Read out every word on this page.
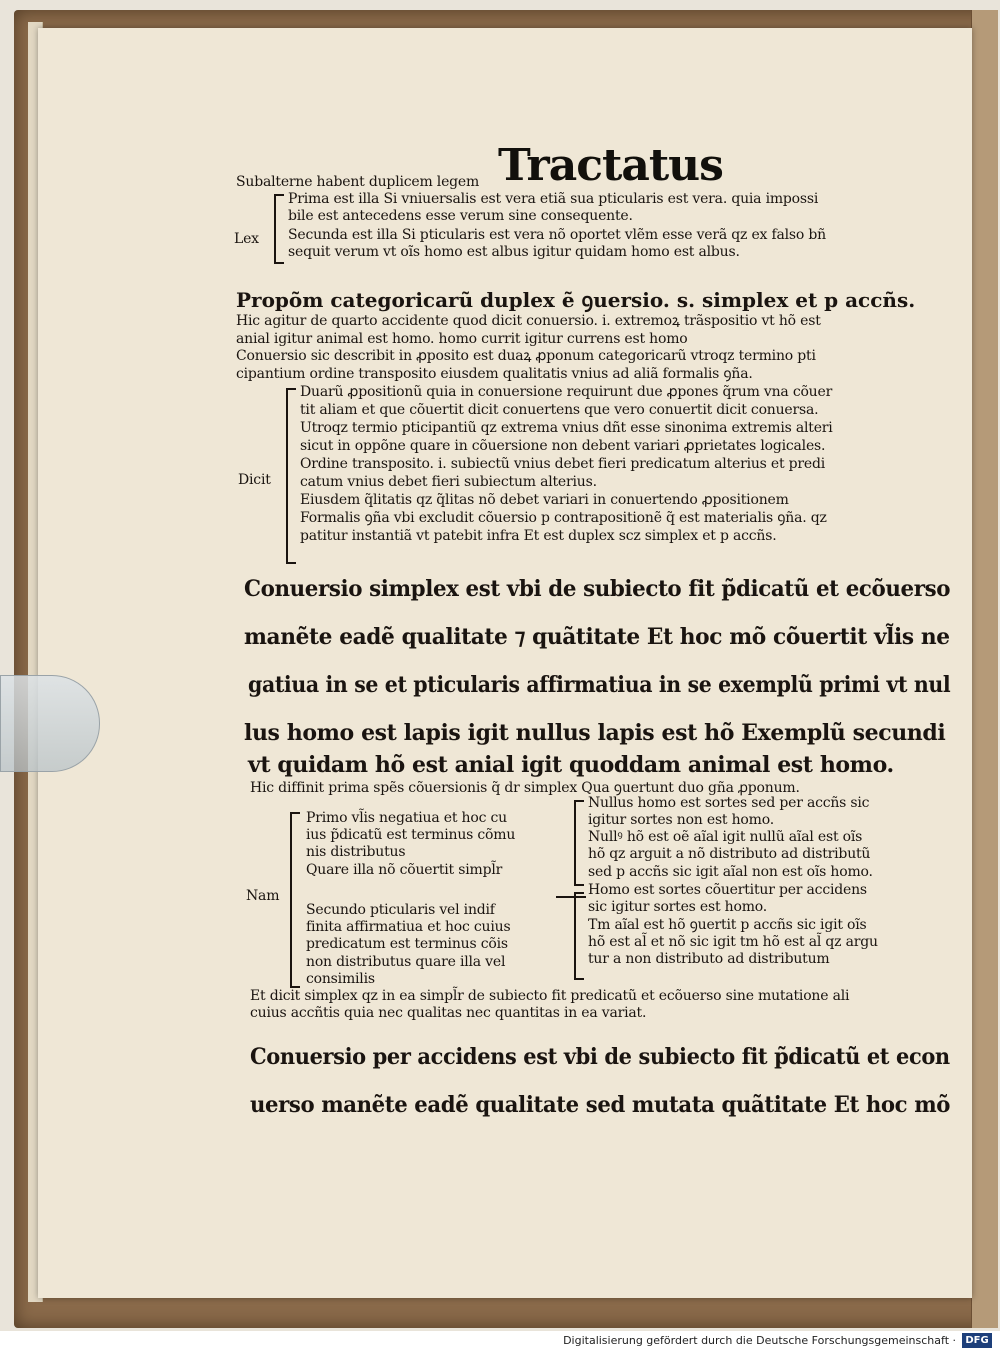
Tractatus
Subalterne habent duplicem legem
Lex
Prima est illa Si vniuersalis est vera etiã sua pticularis est vera. quia impossi
bile est antecedens esse verum sine consequente.
Secunda est illa Si pticularis est vera nõ oportet vlẽm esse verã qz ex falso bñ
sequit verum vt oĩs homo est albus igitur quidam homo est albus.
Propõm categoricarũ duplex ẽ ꝯuersio. s. simplex et p accñs.
Hic agitur de quarto accidente quod dicit conuersio. i. extremoꝝ trãspositio vt hõ est
anial igitur animal est homo. homo currit igitur currens est homo
Conuersio sic describit in ꝓposito est duaꝝ ꝓponum categoricarũ vtroqz termino pti
cipantium ordine transposito eiusdem qualitatis vnius ad aliã formalis ꝯña.
Dicit
Duarũ ꝓpositionũ quia in conuersione requirunt due ꝓpones q̃rum vna cõuer
tit aliam et que cõuertit dicit conuertens que vero conuertit dicit conuersa.
Utroqz termio pticipantiũ qz extrema vnius dñt esse sinonima extremis alteri
sicut in oppõne quare in cõuersione non debent variari ꝓprietates logicales.
Ordine transposito. i. subiectũ vnius debet fieri predicatum alterius et predi
catum vnius debet fieri subiectum alterius.
Eiusdem q̃litatis qz q̃litas nõ debet variari in conuertendo ꝓpositionem
Formalis ꝯña vbi excludit cõuersio p contrapositionẽ q̃ est materialis ꝯña. qz
patitur instantiã vt patebit infra Et est duplex scz simplex et p accñs.
Conuersio simplex est vbi de subiecto fit p̃dicatũ et ecõuerso
manẽte eadẽ qualitate ⁊ quãtitate Et hoc mõ cõuertit vl̃is ne
gatiua in se et pticularis affirmatiua in se exemplũ primi vt nul
lus homo est lapis igit nullus lapis est hõ Exemplũ secundi
vt quidam hõ est anial igit quoddam animal est homo.
Hic diffinit prima spẽs cõuersionis q̃ dr simplex Qua ꝯuertunt duo gña ꝓponum.
Nam
Primo vl̃is negatiua et hoc cu
ius p̃dicatũ est terminus cõmu
nis distributus
Quare illa nõ cõuertit simpl̃r
Secundo pticularis vel indif
finita affirmatiua et hoc cuius
predicatum est terminus cõis
non distributus quare illa vel
consimilis
Nullus homo est sortes sed per accñs sic
igitur sortes non est homo.
Nullꝰ hõ est oẽ aĩal igit nullũ aĩal est oĩs
hõ qz arguit a nõ distributo ad distributũ
sed p accñs sic igit aĩal non est oĩs homo.
Homo est sortes cõuertitur per accidens
sic igitur sortes est homo.
Tm aĩal est hõ ꝯuertit p accñs sic igit oĩs
hõ est al̃ et nõ sic igit tm hõ est al̃ qz argu
tur a non distributo ad distributum
Et dicit simplex qz in ea simpl̃r de subiecto fit predicatũ et ecõuerso sine mutatione ali
cuius accñtis quia nec qualitas nec quantitas in ea variat.
Conuersio per accidens est vbi de subiecto fit p̃dicatũ et econ
uerso manẽte eadẽ qualitate sed mutata quãtitate Et hoc mõ
Digitalisierung gefördert durch die Deutsche Forschungsgemeinschaft · DFG
